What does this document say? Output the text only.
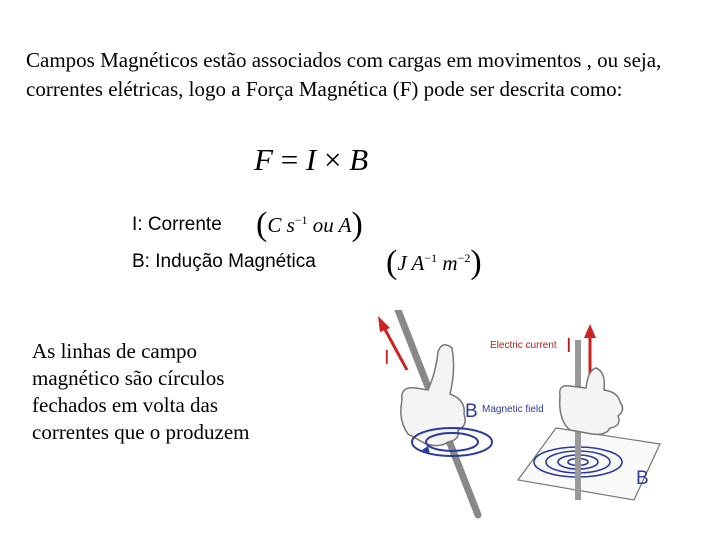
Campos Magnéticos estão associados com cargas em movimentos , ou seja, correntes elétricas, logo a Força Magnética (F) pode ser descrita como:
F = I × B
I: Corrente (C $s^{-1}$ ou A)
B: Indução Magnética (J $A^{-1}$ $m^{-2}$)
As linhas de campo magnético são círculos fechados em volta das correntes que o produzem
I
B Magnetic field
Electric current I
B
